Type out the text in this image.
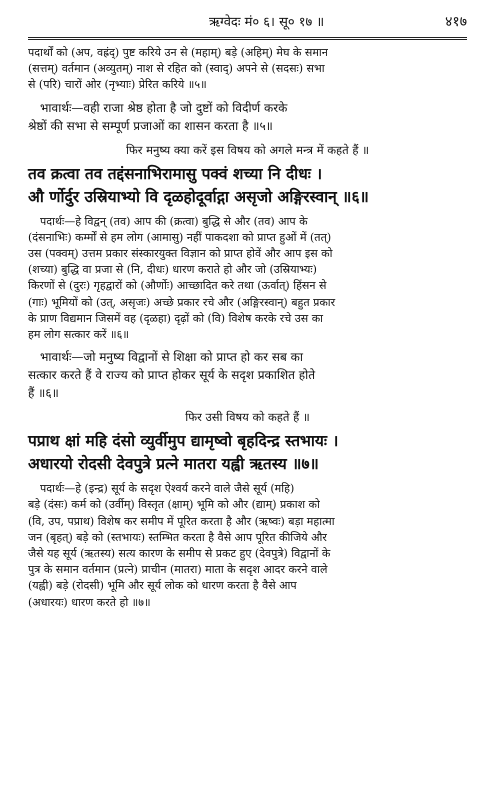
ऋग्वेदः मं० ६। सू० १७ ॥	४१७
पदार्थों को (अप, वह्रंद्) पुष्ट करिये उन से (महाम्) बड़े (अहिम्) मेघ के समान
(सत्तम्) वर्तमान (अव्युतम्) नाश से रहित को (स्वाद्) अपने से (सदसः) सभा
से (परि) चारों ओर (नृभ्याः) प्रेरित करिये ॥५॥
भावार्थः—वही राजा श्रेष्ठ होता है जो दुष्टों को विदीर्ण करके
श्रेष्ठों की सभा से सम्पूर्ण प्रजाओं का शासन करता है ॥५॥
फिर मनुष्य क्या करें इस विषय को अगले मन्त्र में कहते हैं ॥
तव क्रत्वा तव तद्दंसनाभिरामासु पक्वं शच्या नि दीधः ।
औ र्णोर्दुर उस्रियाभ्यो वि दृळहोदूर्वाद्गा असृजो अङ्गिरस्वान् ॥६॥
पदार्थः—हे विद्वन् (तव) आप की (क्रत्वा) बुद्धि से और (तव) आप के
(दंसनाभिः) कर्म्मों से हम लोग (आमासु) नहीं पाकदशा को प्राप्त हुओं में (तत्)
उस (पक्वम्) उत्तम प्रकार संस्कारयुक्त विज्ञान को प्राप्त होवें और आप इस को
(शच्या) बुद्धि वा प्रजा से (नि, दीधः) धारण कराते हो और जो (उस्रियाभ्यः)
किरणों से (दुरः) गृहद्वारों को (और्णोः) आच्छादित करे तथा (ऊर्वात्) हिंसन से
(गाः) भूमियों को (उत्, असृजः) अच्छे प्रकार रचे और (अङ्गिरस्वान्) बहुत प्रकार
के प्राण विद्यमान जिसमें वह (दृळहा) दृढ़ों को (वि) विशेष करके रचे उस का
हम लोग सत्कार करें ॥६॥
भावार्थः—जो मनुष्य विद्वानों से शिक्षा को प्राप्त हो कर सब का
सत्कार करते हैं वे राज्य को प्राप्त होकर सूर्य के सदृश प्रकाशित होते
हैं ॥६॥
फिर उसी विषय को कहते हैं ॥
पप्राथ क्षां महि दंसो व्युर्वीमुप द्यामृष्वो बृहदिन्द्र स्तभायः ।
अधारयो रोदसी देवपुत्रे प्रत्ने मातरा यह्वी ऋतस्य ॥७॥
पदार्थः—हे (इन्द्र) सूर्य के सदृश ऐश्वर्य करने वाले जैसे सूर्य (महि)
बड़े (दंसः) कर्म को (उर्वीम्) विस्तृत (क्षाम्) भूमि को और (द्याम्) प्रकाश को
(वि, उप, पप्राथ) विशेष कर समीप में पूरित करता है और (ऋष्वः) बड़ा महात्मा
जन (बृहत्) बड़े को (स्तभायः) स्तम्भित करता है वैसे आप पूरित कीजिये और
जैसे यह सूर्य (ऋतस्य) सत्य कारण के समीप से प्रकट हुए (देवपुत्रे) विद्वानों के
पुत्र के समान वर्तमान (प्रत्ने) प्राचीन (मातरा) माता के सदृश आदर करने वाले
(यह्वी) बड़े (रोदसी) भूमि और सूर्य लोक को धारण करता है वैसे आप
(अधारयः) धारण करते हो ॥७॥
